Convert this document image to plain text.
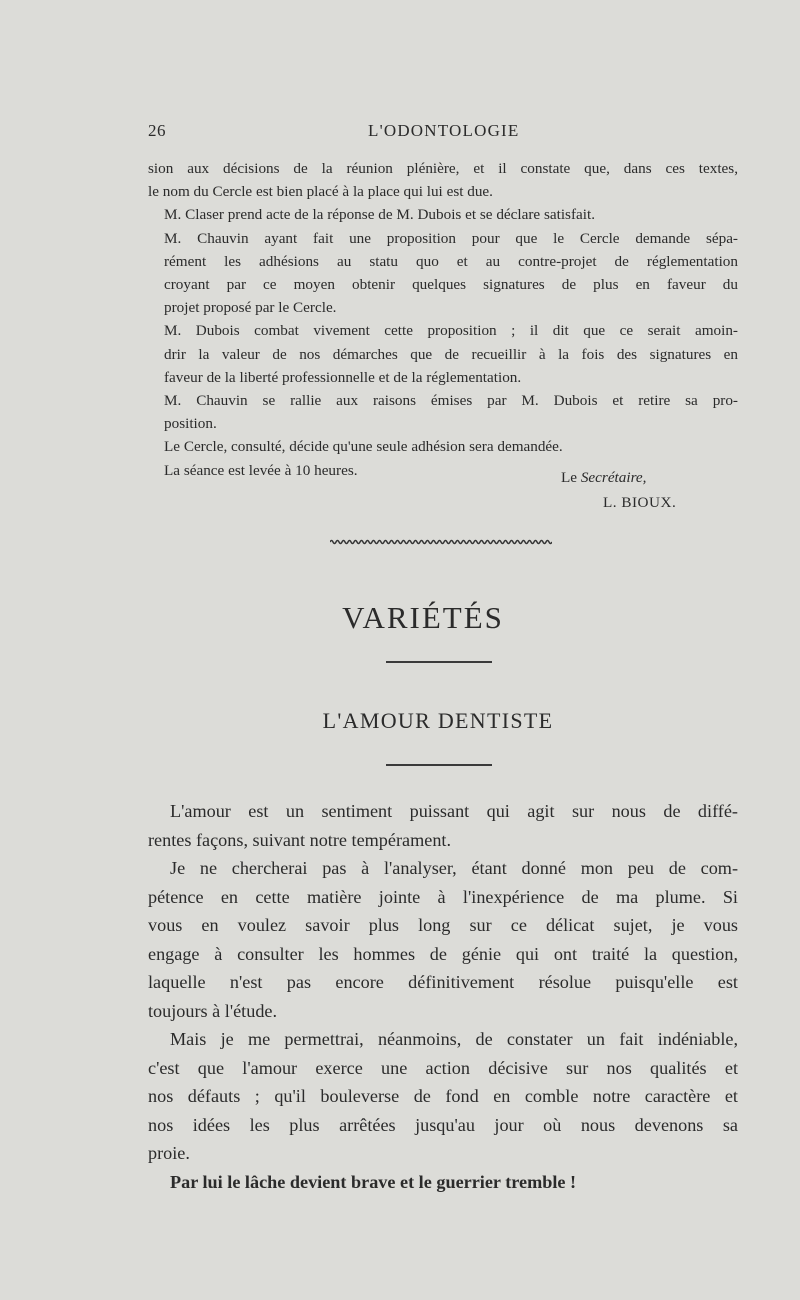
26	L'ODONTOLOGIE

sion aux décisions de la réunion plénière, et il constate que, dans ces textes,
le nom du Cercle est bien placé à la place qui lui est due.

M. Claser prend acte de la réponse de M. Dubois et se déclare satisfait.

M. Chauvin ayant fait une proposition pour que le Cercle demande sépa-
rément les adhésions au statu quo et au contre-projet de réglementation
croyant par ce moyen obtenir quelques signatures de plus en faveur du
projet proposé par le Cercle.

M. Dubois combat vivement cette proposition ; il dit que ce serait amoin-
drir la valeur de nos démarches que de recueillir à la fois des signatures en
faveur de la liberté professionnelle et de la réglementation.

M. Chauvin se rallie aux raisons émises par M. Dubois et retire sa pro-
position.

Le Cercle, consulté, décide qu'une seule adhésion sera demandée.

La séance est levée à 10 heures.	Le Secrétaire,
L. BIOUX.
VARIÉTÉS
L'AMOUR DENTISTE

L'amour est un sentiment puissant qui agit sur nous de diffé-
rentes façons, suivant notre tempérament.

Je ne chercherai pas à l'analyser, étant donné mon peu de com-
pétence en cette matière jointe à l'inexpérience de ma plume. Si
vous en voulez savoir plus long sur ce délicat sujet, je vous
engage à consulter les hommes de génie qui ont traité la question,
laquelle n'est pas encore définitivement résolue puisqu'elle est
toujours à l'étude.

Mais je me permettrai, néanmoins, de constater un fait indéniable,
c'est que l'amour exerce une action décisive sur nos qualités et
nos défauts ; qu'il bouleverse de fond en comble notre caractère et
nos idées les plus arrêtées jusqu'au jour où nous devenons sa
proie.

Par lui le lâche devient brave et le guerrier tremble !
